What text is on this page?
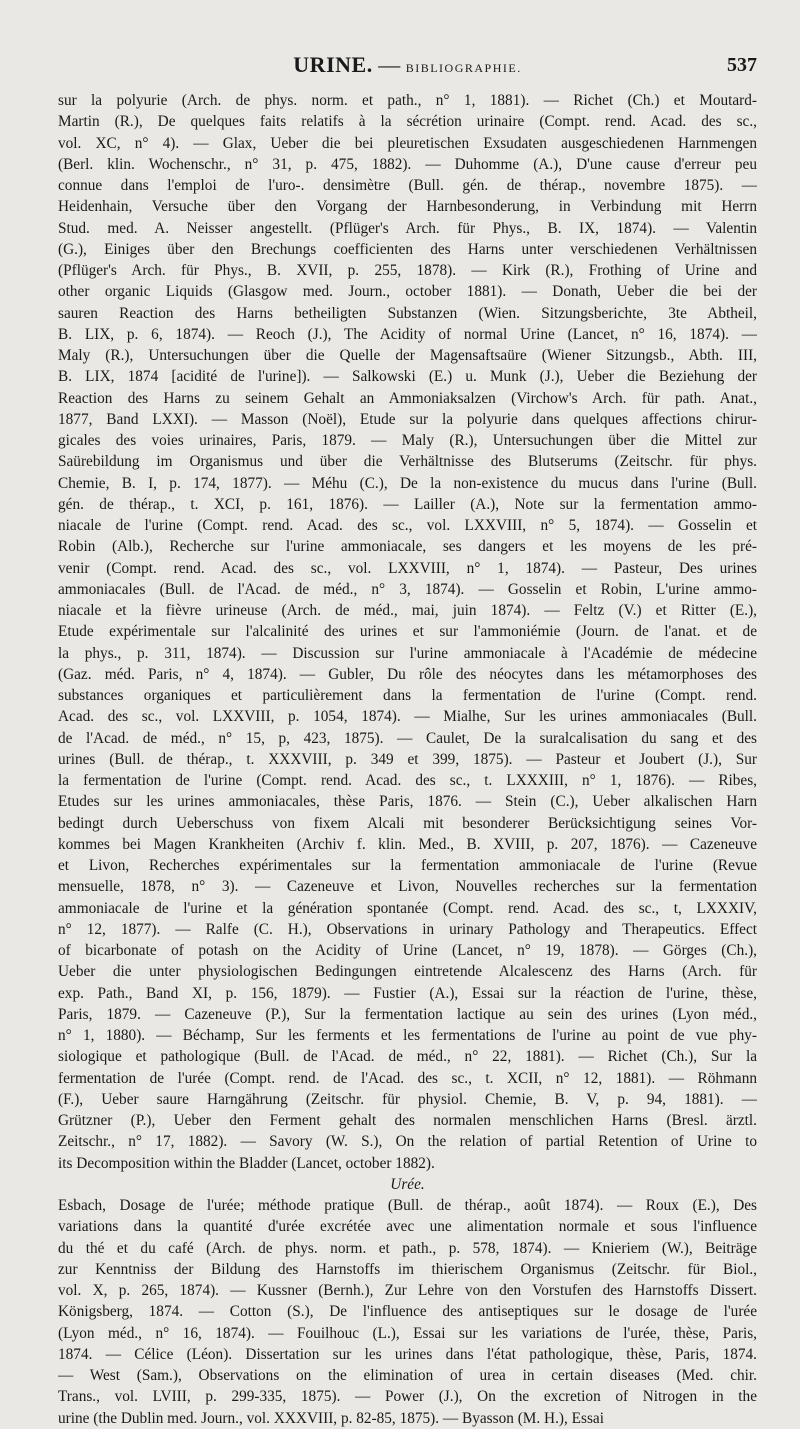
URINE. — BIBLIOGRAPHIE.	537
sur la polyurie (Arch. de phys. norm. et path., n° 1, 1881). — Richet (Ch.) et Moutard-
Martin (R.), De quelques faits relatifs à la sécrétion urinaire (Compt. rend. Acad. des sc.,
vol. XC, n° 4). — Glax, Ueber die bei pleuretischen Exsudaten ausgeschiedenen Harnmengen
(Berl. klin. Wochenschr., n° 31, p. 475, 1882). — Duhomme (A.), D'une cause d'erreur peu
connue dans l'emploi de l'uro-. densimètre (Bull. gén. de thérap., novembre 1875). —
Heidenhain, Versuche über den Vorgang der Harnbesonderung, in Verbindung mit Herrn
Stud. med. A. Neisser angestellt. (Pflüger's Arch. für Phys., B. IX, 1874). — Valentin
(G.), Einiges über den Brechungs coefficienten des Harns unter verschiedenen Verhältnissen
(Pflüger's Arch. für Phys., B. XVII, p. 255, 1878). — Kirk (R.), Frothing of Urine and
other organic Liquids (Glasgow med. Journ., october 1881). — Donath, Ueber die bei der
sauren Reaction des Harns betheiligten Substanzen (Wien. Sitzungsberichte, 3te Abtheil,
B. LIX, p. 6, 1874). — Reoch (J.), The Acidity of normal Urine (Lancet, n° 16, 1874). —
Maly (R.), Untersuchungen über die Quelle der Magensaftsaüre (Wiener Sitzungsb., Abth. III,
B. LIX, 1874 [acidité de l'urine]). — Salkowski (E.) u. Munk (J.), Ueber die Beziehung der
Reaction des Harns zu seinem Gehalt an Ammoniaksalzen (Virchow's Arch. für path. Anat.,
1877, Band LXXI). — Masson (Noël), Etude sur la polyurie dans quelques affections chirur-
gicales des voies urinaires, Paris, 1879. — Maly (R.), Untersuchungen über die Mittel zur
Saürebildung im Organismus und über die Verhältnisse des Blutserums (Zeitschr. für phys.
Chemie, B. I, p. 174, 1877). — Méhu (C.), De la non-existence du mucus dans l'urine (Bull.
gén. de thérap., t. XCI, p. 161, 1876). — Lailler (A.), Note sur la fermentation ammo-
niacale de l'urine (Compt. rend. Acad. des sc., vol. LXXVIII, n° 5, 1874). — Gosselin et
Robin (Alb.), Recherche sur l'urine ammoniacale, ses dangers et les moyens de les pré-
venir (Compt. rend. Acad. des sc., vol. LXXVIII, n° 1, 1874). — Pasteur, Des urines
ammoniacales (Bull. de l'Acad. de méd., n° 3, 1874). — Gosselin et Robin, L'urine ammo-
niacale et la fièvre urineuse (Arch. de méd., mai, juin 1874). — Feltz (V.) et Ritter (E.),
Etude expérimentale sur l'alcalinité des urines et sur l'ammoniémie (Journ. de l'anat. et de
la phys., p. 311, 1874). — Discussion sur l'urine ammoniacale à l'Académie de médecine
(Gaz. méd. Paris, n° 4, 1874). — Gubler, Du rôle des néocytes dans les métamorphoses des
substances organiques et particulièrement dans la fermentation de l'urine (Compt. rend.
Acad. des sc., vol. LXXVIII, p. 1054, 1874). — Mialhe, Sur les urines ammoniacales (Bull.
de l'Acad. de méd., n° 15, p, 423, 1875). — Caulet, De la suralcalisation du sang et des
urines (Bull. de thérap., t. XXXVIII, p. 349 et 399, 1875). — Pasteur et Joubert (J.), Sur
la fermentation de l'urine (Compt. rend. Acad. des sc., t. LXXXIII, n° 1, 1876). — Ribes,
Etudes sur les urines ammoniacales, thèse Paris, 1876. — Stein (C.), Ueber alkalischen Harn
bedingt durch Ueberschuss von fixem Alcali mit besonderer Berücksichtigung seines Vor-
kommes bei Magen Krankheiten (Archiv f. klin. Med., B. XVIII, p. 207, 1876). — Cazeneuve
et Livon, Recherches expérimentales sur la fermentation ammoniacale de l'urine (Revue
mensuelle, 1878, n° 3). — Cazeneuve et Livon, Nouvelles recherches sur la fermentation
ammoniacale de l'urine et la génération spontanée (Compt. rend. Acad. des sc., t, LXXXIV,
n° 12, 1877). — Ralfe (C. H.), Observations in urinary Pathology and Therapeutics. Effect
of bicarbonate of potash on the Acidity of Urine (Lancet, n° 19, 1878). — Görges (Ch.),
Ueber die unter physiologischen Bedingungen eintretende Alcalescenz des Harns (Arch. für
exp. Path., Band XI, p. 156, 1879). — Fustier (A.), Essai sur la réaction de l'urine, thèse,
Paris, 1879. — Cazeneuve (P.), Sur la fermentation lactique au sein des urines (Lyon méd.,
n° 1, 1880). — Béchamp, Sur les ferments et les fermentations de l'urine au point de vue phy-
siologique et pathologique (Bull. de l'Acad. de méd., n° 22, 1881). — Richet (Ch.), Sur la
fermentation de l'urée (Compt. rend. de l'Acad. des sc., t. XCII, n° 12, 1881). — Röhmann
(F.), Ueber saure Harngährung (Zeitschr. für physiol. Chemie, B. V, p. 94, 1881). —
Grützner (P.), Ueber den Ferment gehalt des normalen menschlichen Harns (Bresl. ärztl.
Zeitschr., n° 17, 1882). — Savory (W. S.), On the relation of partial Retention of Urine to
its Decomposition within the Bladder (Lancet, october 1882).
Urée.
Esbach, Dosage de l'urée; méthode pratique (Bull. de thérap., août 1874). — Roux (E.), Des
variations dans la quantité d'urée excrétée avec une alimentation normale et sous l'influence
du thé et du café (Arch. de phys. norm. et path., p. 578, 1874). — Knieriem (W.), Beiträge
zur Kenntniss der Bildung des Harnstoffs im thierischem Organismus (Zeitschr. für Biol.,
vol. X, p. 265, 1874). — Kussner (Bernh.), Zur Lehre von den Vorstufen des Harnstoffs Dissert.
Königsberg, 1874. — Cotton (S.), De l'influence des antiseptiques sur le dosage de l'urée
(Lyon méd., n° 16, 1874). — Fouilhouc (L.), Essai sur les variations de l'urée, thèse, Paris,
1874. — Célice (Léon). Dissertation sur les urines dans l'état pathologique, thèse, Paris, 1874.
— West (Sam.), Observations on the elimination of urea in certain diseases (Med. chir.
Trans., vol. LVIII, p. 299-335, 1875). — Power (J.), On the excretion of Nitrogen in the
urine (the Dublin med. Journ., vol. XXXVIII, p. 82-85, 1875). — Byasson (M. H.), Essai
